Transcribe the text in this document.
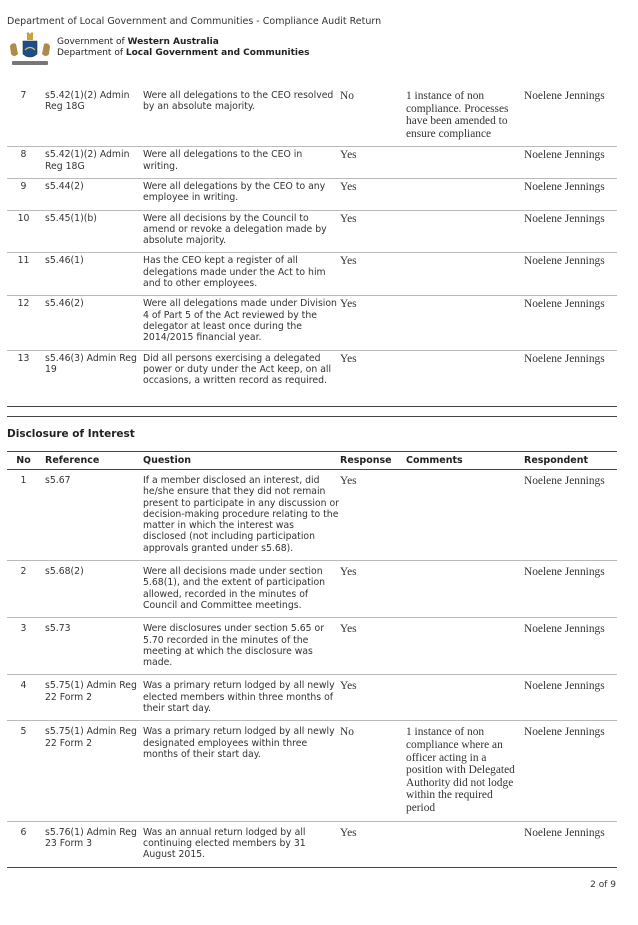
Department of Local Government and Communities - Compliance Audit Return
Government of Western Australia
Department of Local Government and Communities
7	s5.42(1)(2) Admin Reg 18G	Were all delegations to the CEO resolved by an absolute majority.	No	1 instance of non compliance. Processes have been amended to ensure compliance	Noelene Jennings
8	s5.42(1)(2) Admin Reg 18G	Were all delegations to the CEO in writing.	Yes		Noelene Jennings
9	s5.44(2)	Were all delegations by the CEO to any employee in writing.	Yes		Noelene Jennings
10	s5.45(1)(b)	Were all decisions by the Council to amend or revoke a delegation made by absolute majority.	Yes		Noelene Jennings
11	s5.46(1)	Has the CEO kept a register of all delegations made under the Act to him and to other employees.	Yes		Noelene Jennings
12	s5.46(2)	Were all delegations made under Division 4 of Part 5 of the Act reviewed by the delegator at least once during the 2014/2015 financial year.	Yes		Noelene Jennings
13	s5.46(3) Admin Reg 19	Did all persons exercising a delegated power or duty under the Act keep, on all occasions, a written record as required.	Yes		Noelene Jennings
Disclosure of Interest
No	Reference	Question	Response	Comments	Respondent
1	s5.67	If a member disclosed an interest, did he/she ensure that they did not remain present to participate in any discussion or decision-making procedure relating to the matter in which the interest was disclosed (not including participation approvals granted under s5.68).	Yes		Noelene Jennings
2	s5.68(2)	Were all decisions made under section 5.68(1), and the extent of participation allowed, recorded in the minutes of Council and Committee meetings.	Yes		Noelene Jennings
3	s5.73	Were disclosures under section 5.65 or 5.70 recorded in the minutes of the meeting at which the disclosure was made.	Yes		Noelene Jennings
4	s5.75(1) Admin Reg 22 Form 2	Was a primary return lodged by all newly elected members within three months of their start day.	Yes		Noelene Jennings
5	s5.75(1) Admin Reg 22 Form 2	Was a primary return lodged by all newly designated employees within three months of their start day.	No	1 instance of non compliance where an officer acting in a position with Delegated Authority did not lodge within the required period	Noelene Jennings
6	s5.76(1) Admin Reg 23 Form 3	Was an annual return lodged by all continuing elected members by 31 August 2015.	Yes		Noelene Jennings
2 of 9
